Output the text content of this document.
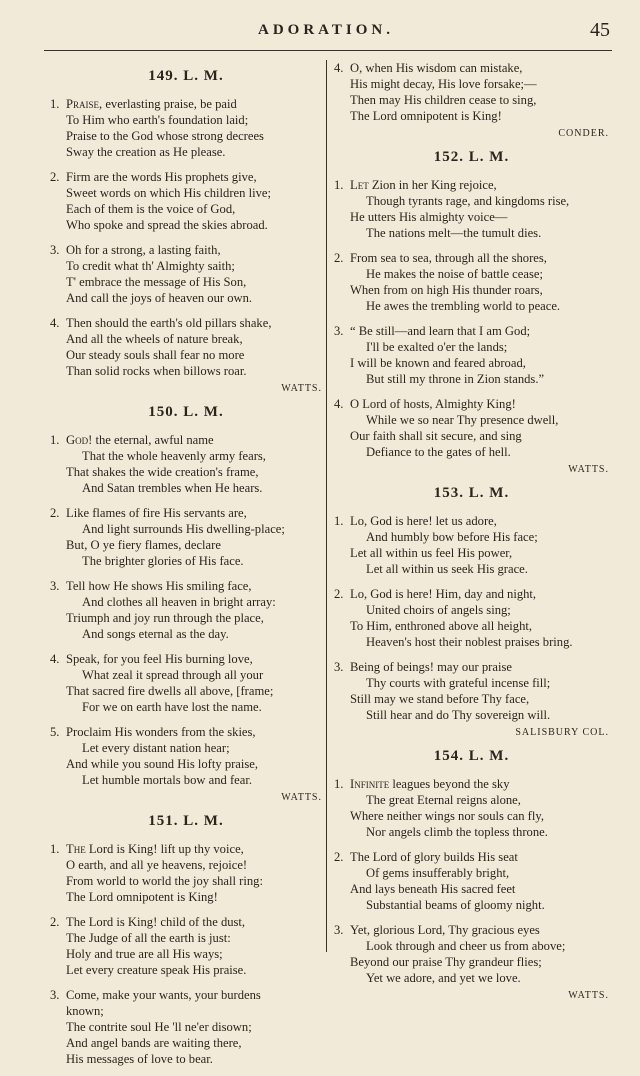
ADORATION.	45
149. L. M.
1. Praise, everlasting praise, be paid
To Him who earth's foundation laid;
Praise to the God whose strong decrees
Sway the creation as He please.
2. Firm are the words His prophets give,
Sweet words on which His children live;
Each of them is the voice of God,
Who spoke and spread the skies abroad.
3. Oh for a strong, a lasting faith,
To credit what th' Almighty saith;
T' embrace the message of His Son,
And call the joys of heaven our own.
4. Then should the earth's old pillars shake,
And all the wheels of nature break,
Our steady souls shall fear no more
Than solid rocks when billows roar.
WATTS.
150. L. M.
1. God! the eternal, awful name
That the whole heavenly army fears,
That shakes the wide creation's frame,
And Satan trembles when He hears.
2. Like flames of fire His servants are,
And light surrounds His dwelling-place;
But, O ye fiery flames, declare
The brighter glories of His face.
3. Tell how He shows His smiling face,
And clothes all heaven in bright array:
Triumph and joy run through the place,
And songs eternal as the day.
4. Speak, for you feel His burning love,
What zeal it spread through all your
That sacred fire dwells all above, [frame;
For we on earth have lost the name.
5. Proclaim His wonders from the skies,
Let every distant nation hear;
And while you sound His lofty praise,
Let humble mortals bow and fear.
WATTS.
151. L. M.
1. The Lord is King! lift up thy voice,
O earth, and all ye heavens, rejoice!
From world to world the joy shall ring:
The Lord omnipotent is King!
2. The Lord is King! child of the dust,
The Judge of all the earth is just:
Holy and true are all His ways;
Let every creature speak His praise.
3. Come, make your wants, your burdens
known;
The contrite soul He 'll ne'er disown;
And angel bands are waiting there,
His messages of love to bear.
4. O, when His wisdom can mistake,
His might decay, His love forsake;—
Then may His children cease to sing,
The Lord omnipotent is King!
CONDER.
152. L. M.
1. Let Zion in her King rejoice,
Though tyrants rage, and kingdoms rise,
He utters His almighty voice—
The nations melt—the tumult dies.
2. From sea to sea, through all the shores,
He makes the noise of battle cease;
When from on high His thunder roars,
He awes the trembling world to peace.
3. “ Be still—and learn that I am God;
I'll be exalted o'er the lands;
I will be known and feared abroad,
But still my throne in Zion stands.”
4. O Lord of hosts, Almighty King!
While we so near Thy presence dwell,
Our faith shall sit secure, and sing
Defiance to the gates of hell.
WATTS.
153. L. M.
1. Lo, God is here! let us adore,
And humbly bow before His face;
Let all within us feel His power,
Let all within us seek His grace.
2. Lo, God is here! Him, day and night,
United choirs of angels sing;
To Him, enthroned above all height,
Heaven's host their noblest praises bring.
3. Being of beings! may our praise
Thy courts with grateful incense fill;
Still may we stand before Thy face,
Still hear and do Thy sovereign will.
SALISBURY COL.
154. L. M.
1. Infinite leagues beyond the sky
The great Eternal reigns alone,
Where neither wings nor souls can fly,
Nor angels climb the topless throne.
2. The Lord of glory builds His seat
Of gems insufferably bright,
And lays beneath His sacred feet
Substantial beams of gloomy night.
3. Yet, glorious Lord, Thy gracious eyes
Look through and cheer us from above;
Beyond our praise Thy grandeur flies;
Yet we adore, and yet we love.
WATTS.
